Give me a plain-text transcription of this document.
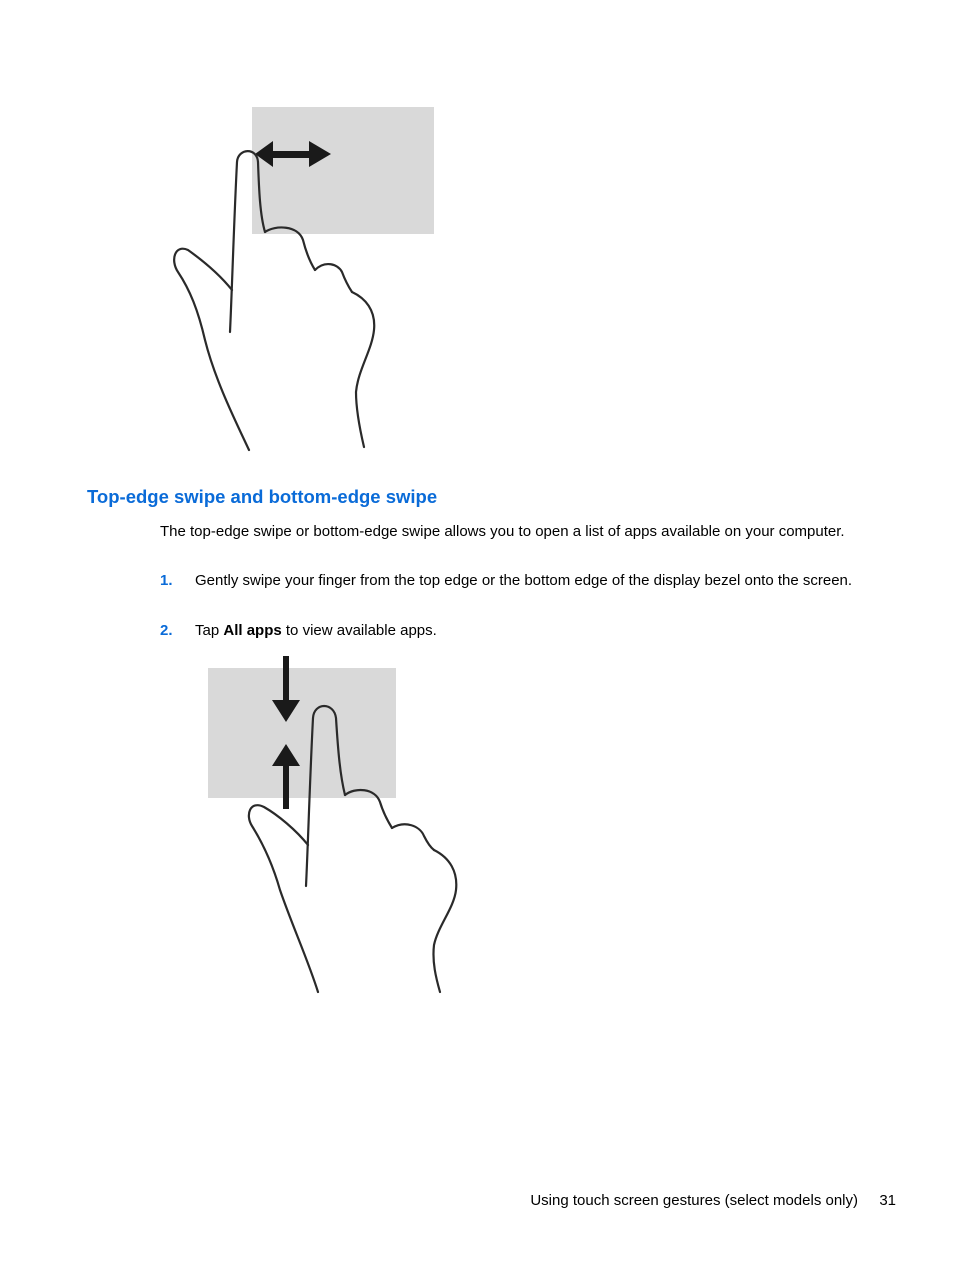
Top-edge swipe and bottom-edge swipe

The top-edge swipe or bottom-edge swipe allows you to open a list of apps available on your computer.

1. Gently swipe your finger from the top edge or the bottom edge of the display bezel onto the screen.
2. Tap All apps to view available apps.
Using touch screen gestures (select models only) 31
